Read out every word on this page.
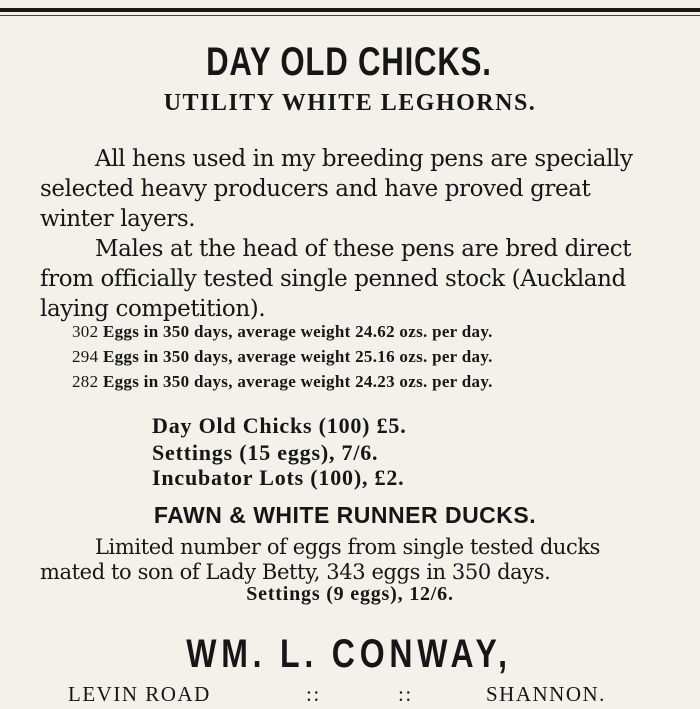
DAY OLD CHICKS.
UTILITY WHITE LEGHORNS.
All hens used in my breeding pens are specially selected heavy producers and have proved great winter layers.
Males at the head of these pens are bred direct from officially tested single penned stock (Auckland laying competition).
302 Eggs in 350 days, average weight 24.62 ozs. per day.
294 Eggs in 350 days, average weight 25.16 ozs. per day.
282 Eggs in 350 days, average weight 24.23 ozs. per day.
Day Old Chicks (100) £5.
Settings (15 eggs), 7/6.
Incubator Lots (100), £2.
FAWN & WHITE RUNNER DUCKS.
Limited number of eggs from single tested ducks
mated to son of Lady Betty, 343 eggs in 350 days.
Settings (9 eggs), 12/6.
WM. L. CONWAY,
LEVIN ROAD	::	::	SHANNON.
